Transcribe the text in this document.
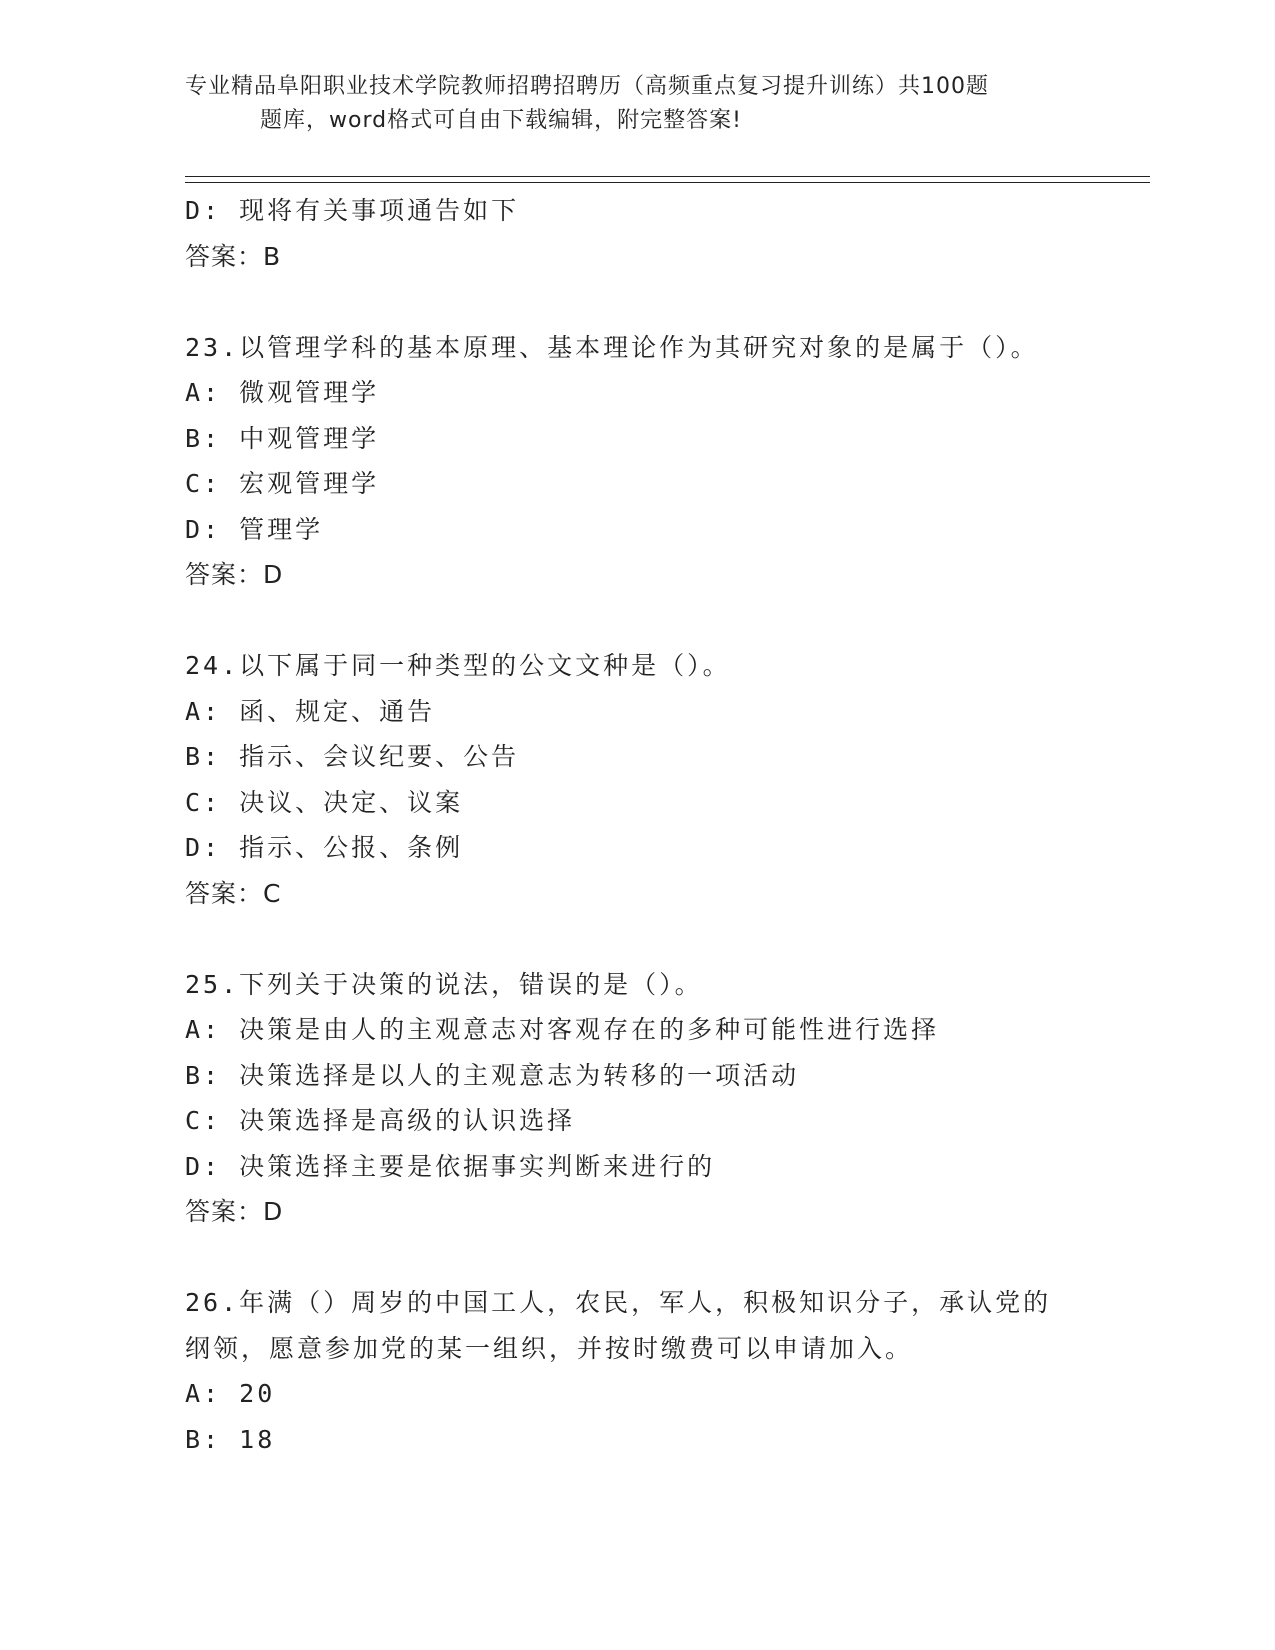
专业精品阜阳职业技术学院教师招聘招聘历（高频重点复习提升训练）共100题
题库，word格式可自由下载编辑，附完整答案!
D: 现将有关事项通告如下
答案：B
23.以管理学科的基本原理、基本理论作为其研究对象的是属于（）。
A: 微观管理学
B: 中观管理学
C: 宏观管理学
D: 管理学
答案：D
24.以下属于同一种类型的公文文种是（）。
A: 函、规定、通告
B: 指示、会议纪要、公告
C: 决议、决定、议案
D: 指示、公报、条例
答案：C
25.下列关于决策的说法，错误的是（）。
A: 决策是由人的主观意志对客观存在的多种可能性进行选择
B: 决策选择是以人的主观意志为转移的一项活动
C: 决策选择是高级的认识选择
D: 决策选择主要是依据事实判断来进行的
答案：D
26.年满（）周岁的中国工人，农民，军人，积极知识分子，承认党的
纲领，愿意参加党的某一组织，并按时缴费可以申请加入。
A: 20
B: 18
